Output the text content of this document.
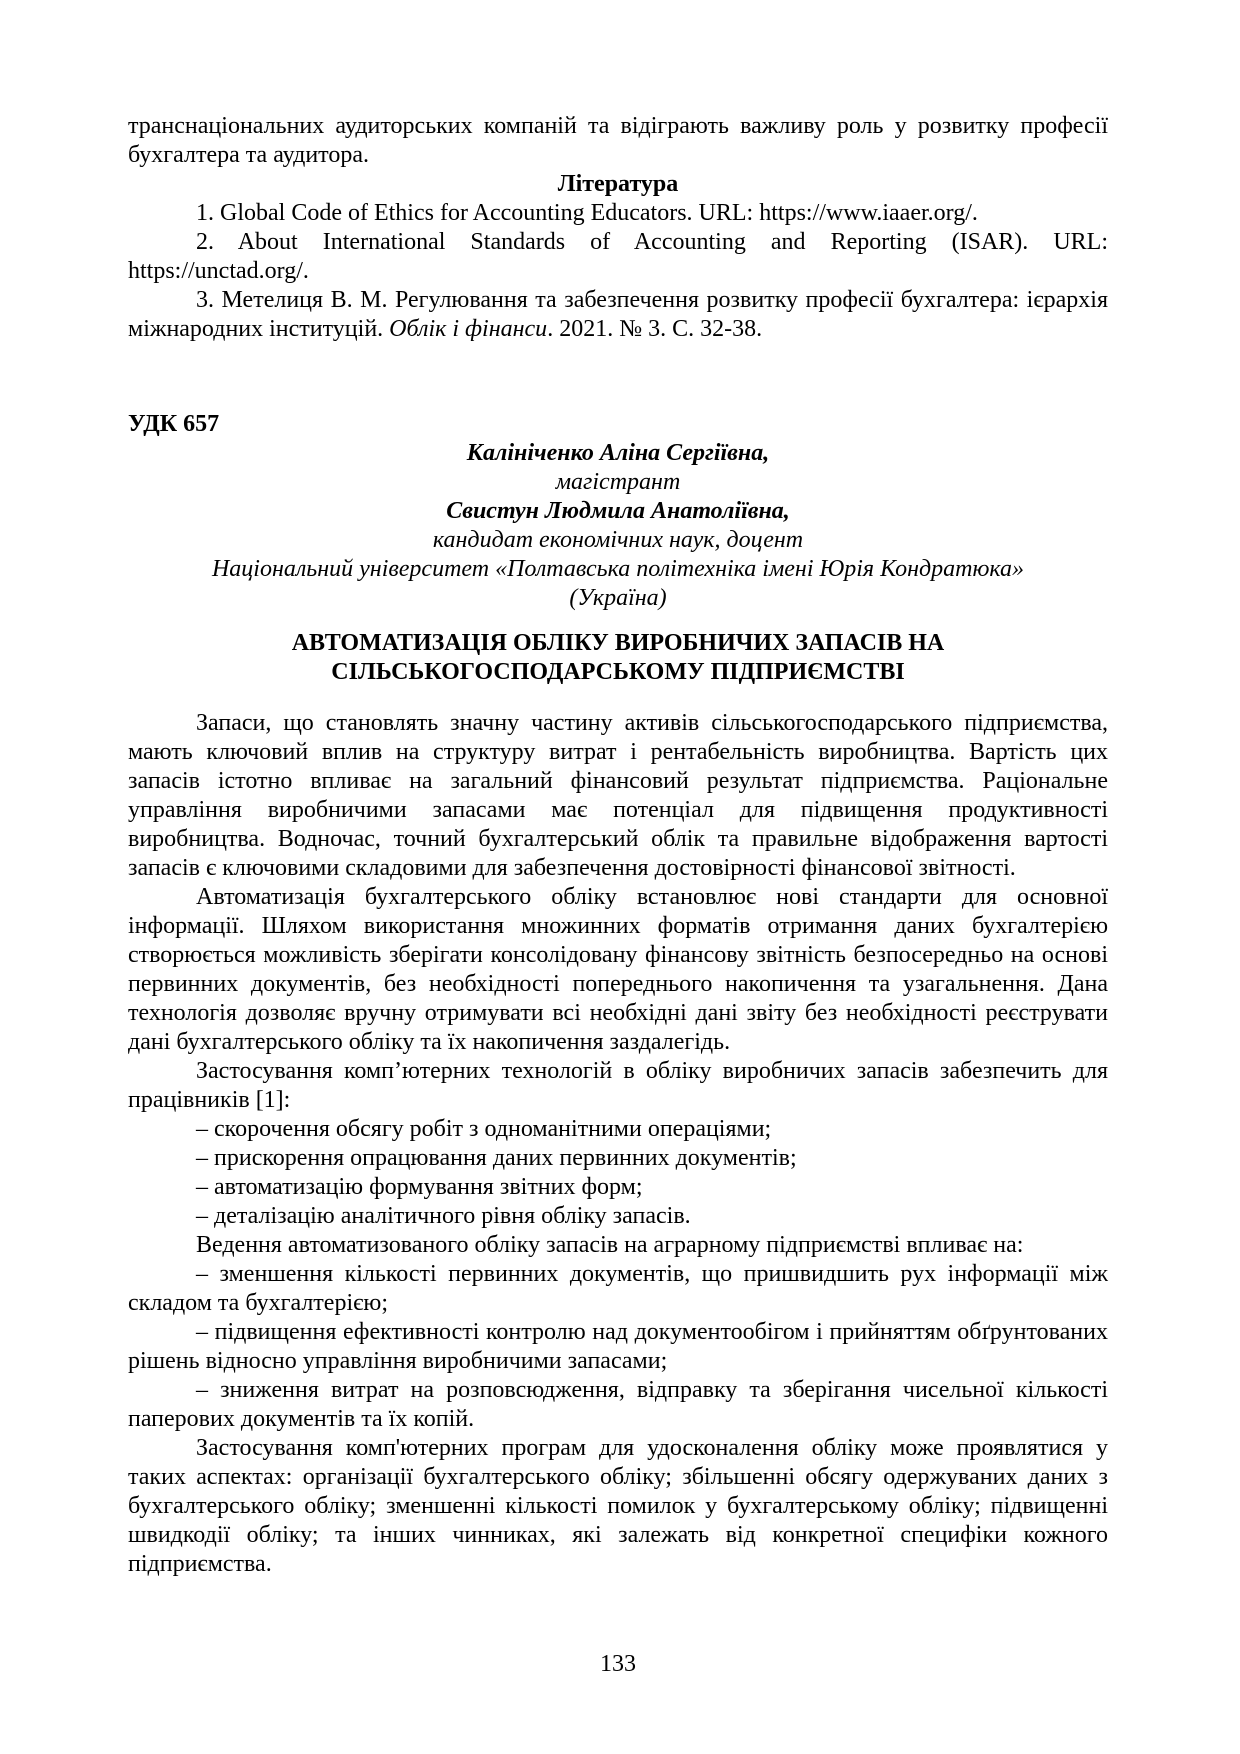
транснаціональних аудиторських компаній та відіграють важливу роль у розвитку професії бухгалтера та аудитора.

Література

1. Global Code of Ethics for Accounting Educators. URL: https://www.iaaer.org/.

2. About International Standards of Accounting and Reporting (ISAR). URL: https://unctad.org/.

3. Метелиця В. М. Регулювання та забезпечення розвитку професії бухгалтера: ієрархія міжнародних інституцій. Облік і фінанси. 2021. № 3. С. 32-38.

УДК 657

Калініченко Аліна Сергіївна,
магістрант
Свистун Людмила Анатоліївна,
кандидат економічних наук, доцент
Національний університет «Полтавська політехніка імені Юрія Кондратюка»
(Україна)
АВТОМАТИЗАЦІЯ ОБЛІКУ ВИРОБНИЧИХ ЗАПАСІВ НА
СІЛЬСЬКОГОСПОДАРСЬКОМУ ПІДПРИЄМСТВІ

Запаси, що становлять значну частину активів сільськогосподарського підприємства, мають ключовий вплив на структуру витрат і рентабельність виробництва. Вартість цих запасів істотно впливає на загальний фінансовий результат підприємства. Раціональне управління виробничими запасами має потенціал для підвищення продуктивності виробництва. Водночас, точний бухгалтерський облік та правильне відображення вартості запасів є ключовими складовими для забезпечення достовірності фінансової звітності.

Автоматизація бухгалтерського обліку встановлює нові стандарти для основної інформації. Шляхом використання множинних форматів отримання даних бухгалтерією створюється можливість зберігати консолідовану фінансову звітність безпосередньо на основі первинних документів, без необхідності попереднього накопичення та узагальнення. Дана технологія дозволяє вручну отримувати всі необхідні дані звіту без необхідності реєструвати дані бухгалтерського обліку та їх накопичення заздалегідь.

Застосування комп’ютерних технологій в обліку виробничих запасів забезпечить для працівників [1]:

– скорочення обсягу робіт з одноманітними операціями;

– прискорення опрацювання даних первинних документів;

– автоматизацію формування звітних форм;

– деталізацію аналітичного рівня обліку запасів.

Ведення автоматизованого обліку запасів на аграрному підприємстві впливає на:

– зменшення кількості первинних документів, що пришвидшить рух інформації між складом та бухгалтерією;

– підвищення ефективності контролю над документообігом і прийняттям обґрунтованих рішень відносно управління виробничими запасами;

– зниження витрат на розповсюдження, відправку та зберігання чисельної кількості паперових документів та їх копій.

Застосування комп'ютерних програм для удосконалення обліку може проявлятися у таких аспектах: організації бухгалтерського обліку; збільшенні обсягу одержуваних даних з бухгалтерського обліку; зменшенні кількості помилок у бухгалтерському обліку; підвищенні швидкодії обліку; та інших чинниках, які залежать від конкретної специфіки кожного підприємства.

133
